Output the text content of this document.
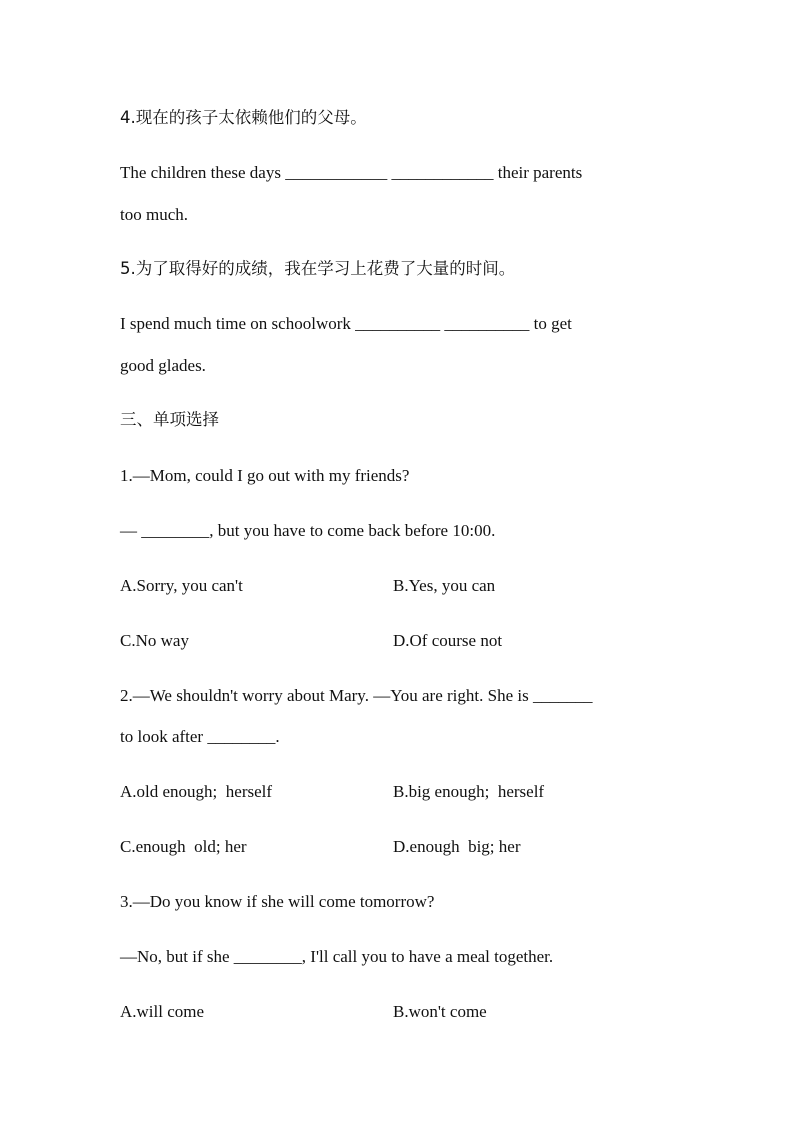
4.现在的孩子太依赖他们的父母。
The children these days ____________ ____________ their parents
too much.
5.为了取得好的成绩，我在学习上花费了大量的时间。
I spend much time on schoolwork __________ __________ to get
good glades.
三、单项选择
1.—Mom, could I go out with my friends?
— ________, but you have to come back before 10:00.
A.Sorry, you can't	B.Yes, you can
C.No way	D.Of course not
2.—We shouldn't worry about Mary. —You are right. She is _______
to look after ________.
A.old enough;  herself	B.big enough;  herself
C.enough  old; her	D.enough  big; her
3.—Do you know if she will come tomorrow?
—No, but if she ________, I'll call you to have a meal together.
A.will come	B.won't come
